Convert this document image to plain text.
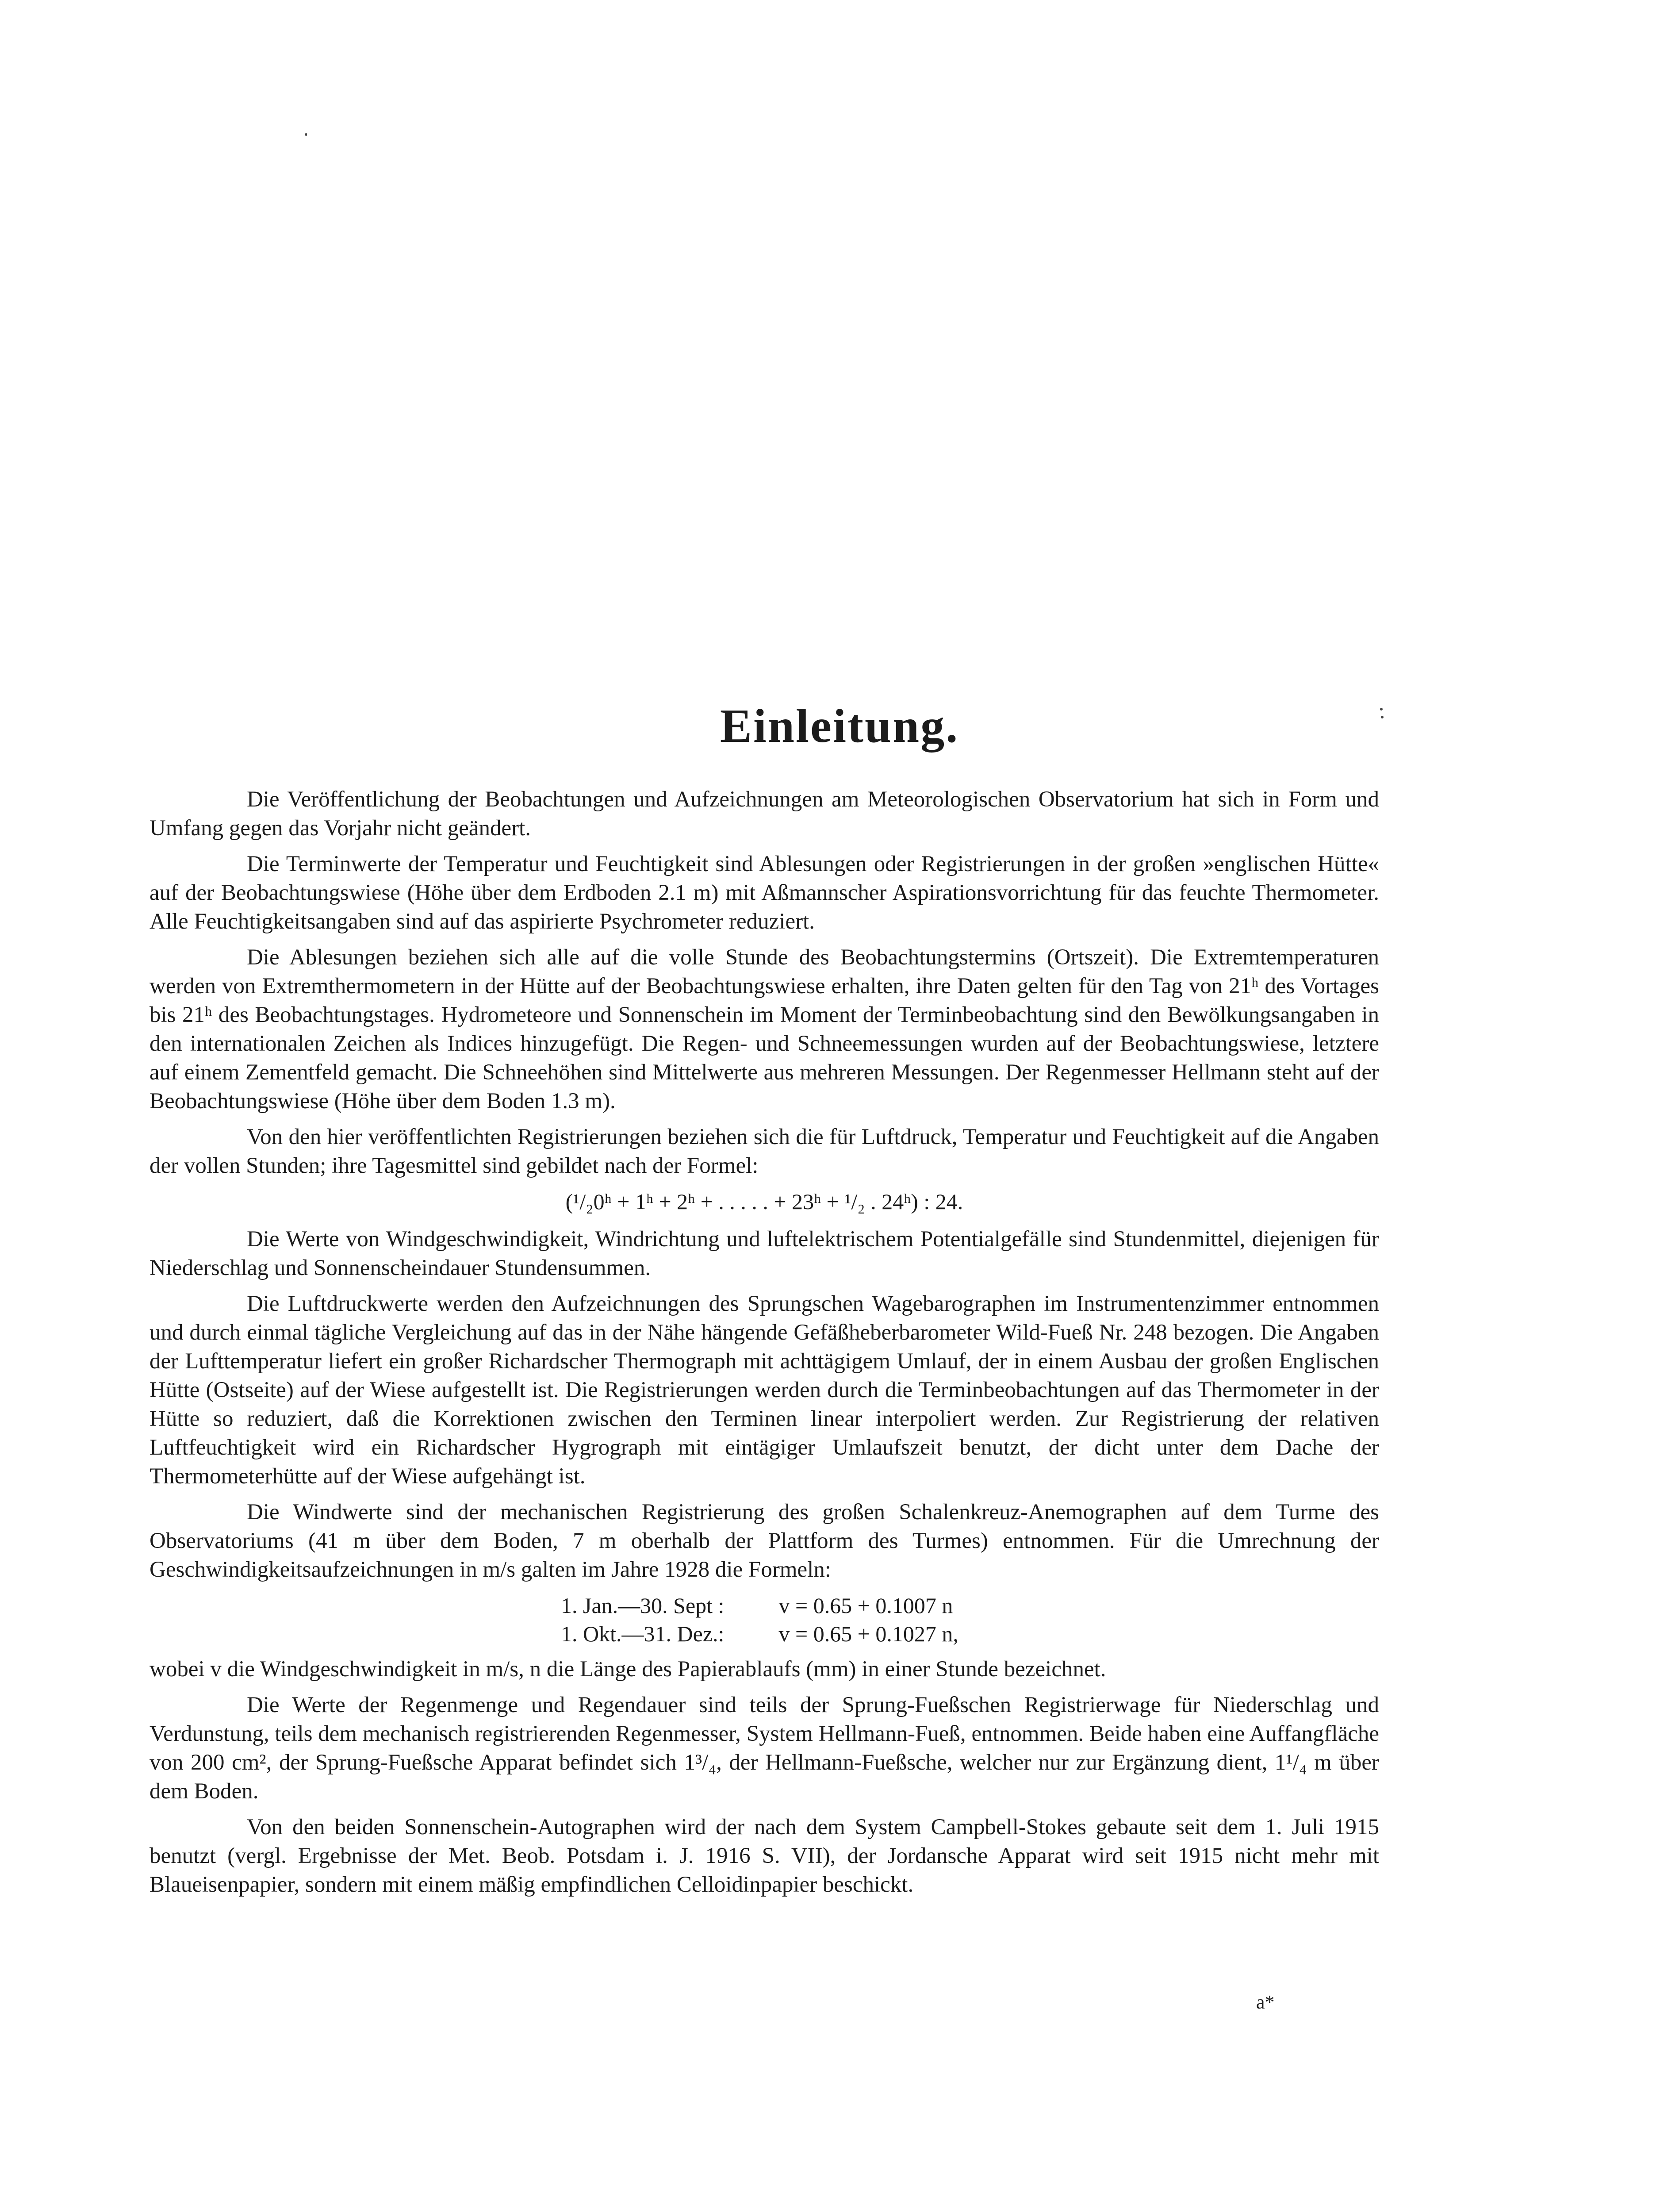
Einleitung.

Die Veröffentlichung der Beobachtungen und Aufzeichnungen am Meteorologischen Observatorium hat sich in Form und Umfang gegen das Vorjahr nicht geändert.

Die Terminwerte der Temperatur und Feuchtigkeit sind Ablesungen oder Registrierungen in der großen »englischen Hütte« auf der Beobachtungswiese (Höhe über dem Erdboden 2.1 m) mit Aßmannscher Aspirationsvorrichtung für das feuchte Thermometer. Alle Feuchtigkeitsangaben sind auf das aspirierte Psychrometer reduziert.

Die Ablesungen beziehen sich alle auf die volle Stunde des Beobachtungstermins (Ortszeit). Die Extremtemperaturen werden von Extremthermometern in der Hütte auf der Beobachtungswiese erhalten, ihre Daten gelten für den Tag von 21ʰ des Vortages bis 21ʰ des Beobachtungstages. Hydrometeore und Sonnenschein im Moment der Terminbeobachtung sind den Bewölkungsangaben in den internationalen Zeichen als Indices hinzugefügt. Die Regen- und Schneemessungen wurden auf der Beobachtungswiese, letztere auf einem Zementfeld gemacht. Die Schneehöhen sind Mittelwerte aus mehreren Messungen. Der Regenmesser Hellmann steht auf der Beobachtungswiese (Höhe über dem Boden 1.3 m).

Von den hier veröffentlichten Registrierungen beziehen sich die für Luftdruck, Temperatur und Feuchtigkeit auf die Angaben der vollen Stunden; ihre Tagesmittel sind gebildet nach der Formel:

(¹/₂0ʰ + 1ʰ + 2ʰ + . . . . . + 23ʰ + ¹/₂ . 24ʰ) : 24.

Die Werte von Windgeschwindigkeit, Windrichtung und luftelektrischem Potentialgefälle sind Stundenmittel, diejenigen für Niederschlag und Sonnenscheindauer Stundensummen.

Die Luftdruckwerte werden den Aufzeichnungen des Sprungschen Wagebarographen im Instrumentenzimmer entnommen und durch einmal tägliche Vergleichung auf das in der Nähe hängende Gefäßheberbarometer Wild-Fueß Nr. 248 bezogen. Die Angaben der Lufttemperatur liefert ein großer Richardscher Thermograph mit achttägigem Umlauf, der in einem Ausbau der großen Englischen Hütte (Ostseite) auf der Wiese aufgestellt ist. Die Registrierungen werden durch die Terminbeobachtungen auf das Thermometer in der Hütte so reduziert, daß die Korrektionen zwischen den Terminen linear interpoliert werden. Zur Registrierung der relativen Luftfeuchtigkeit wird ein Richardscher Hygrograph mit eintägiger Umlaufszeit benutzt, der dicht unter dem Dache der Thermometerhütte auf der Wiese aufgehängt ist.

Die Windwerte sind der mechanischen Registrierung des großen Schalenkreuz-Anemographen auf dem Turme des Observatoriums (41 m über dem Boden, 7 m oberhalb der Plattform des Turmes) entnommen. Für die Umrechnung der Geschwindigkeitsaufzeichnungen in m/s galten im Jahre 1928 die Formeln:

1. Jan.—30. Sept : v = 0.65 + 0.1007 n
1. Okt.—31. Dez.: v = 0.65 + 0.1027 n,

wobei v die Windgeschwindigkeit in m/s, n die Länge des Papierablaufs (mm) in einer Stunde bezeichnet.

Die Werte der Regenmenge und Regendauer sind teils der Sprung-Fueßschen Registrierwage für Niederschlag und Verdunstung, teils dem mechanisch registrierenden Regenmesser, System Hellmann-Fueß, entnommen. Beide haben eine Auffangfläche von 200 cm², der Sprung-Fueßsche Apparat befindet sich 1³/₄, der Hellmann-Fueßsche, welcher nur zur Ergänzung dient, 1¹/₄ m über dem Boden.

Von den beiden Sonnenschein-Autographen wird der nach dem System Campbell-Stokes gebaute seit dem 1. Juli 1915 benutzt (vergl. Ergebnisse der Met. Beob. Potsdam i. J. 1916 S. VII), der Jordansche Apparat wird seit 1915 nicht mehr mit Blaueisenpapier, sondern mit einem mäßig empfindlichen Celloidinpapier beschickt.

a*
